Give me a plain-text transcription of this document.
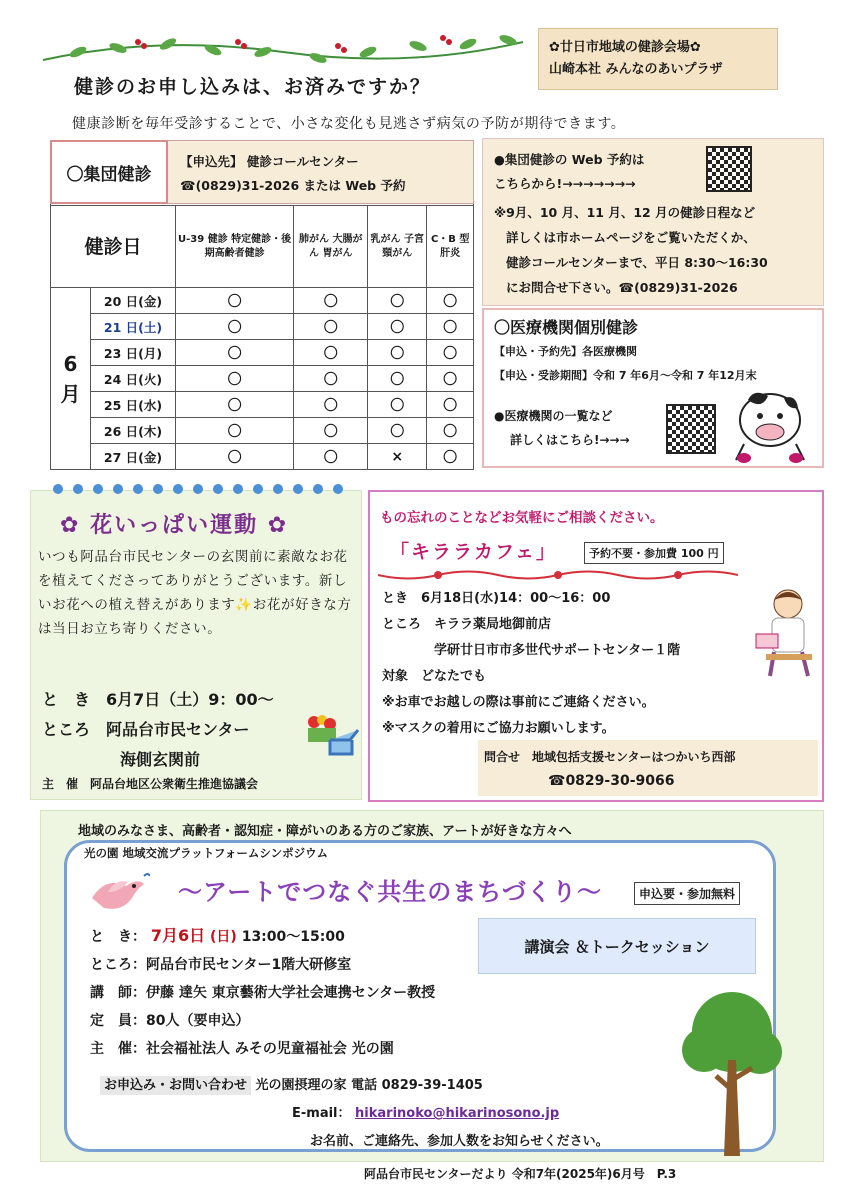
✿廿日市地域の健診会場✿
山崎本社 みんなのあいプラザ
健診のお申し込みは、お済みですか？
健康診断を毎年受診することで、小さな変化も見逃さず病気の予防が期待できます。
〇集団健診
【申込先】 健診コールセンター
☎(0829)31-2026 または Web 予約
健診日		U-39 健診 特定健診・後期高齢者健診	肺がん 大腸がん 胃がん	乳がん 子宮頸がん	C・B 型 肝炎
6 月	20 日(金)	〇	〇	〇	〇
	21 日(土)	〇	〇	〇	〇
	23 日(月)	〇	〇	〇	〇
	24 日(火)	〇	〇	〇	〇
	25 日(水)	〇	〇	〇	〇
	26 日(木)	〇	〇	〇	〇
	27 日(金)	〇	〇	×	〇
●集団健診の Web 予約は
こちらから!→→→→→→→
※9月、10 月、11 月、12 月の健診日程など
詳しくは市ホームページをご覧いただくか、
健診コールセンターまで、平日 8:30～16:30
にお問合せ下さい。☎(0829)31-2026
〇医療機関個別健診
【申込・予約先】各医療機関
【申込・受診期間】令和 7 年6月～令和 7 年12月末
●医療機関の一覧など
詳しくはこちら!→→→
✿ 花いっぱい運動 ✿
いつも阿品台市民センターの玄関前に素敵なお花を植えてくださってありがとうございます。新しいお花への植え替えがあります✨お花が好きな方は当日お立ち寄りください。
と　き　6月7日（土）9：00～
ところ　阿品台市民センター
海側玄関前
主　催　阿品台地区公衆衛生推進協議会
もの忘れのことなどお気軽にご相談ください。
「キララカフェ」	予約不要・参加費 100 円
とき　6月18日(水)14：00～16：00
ところ　キララ薬局地御前店
学研廿日市市多世代サポートセンター１階
対象　どなたでも
※お車でお越しの際は事前にご連絡ください。
※マスクの着用にご協力お願いします。
問合せ　地域包括支援センターはつかいち西部
☎0829-30-9066
地域のみなさま、高齢者・認知症・障がいのある方のご家族、アートが好きな方々へ
光の園 地域交流プラットフォームシンポジウム
～アートでつなぐ共生のまちづくり～	申込要・参加無料
講演会 ＆トークセッション
と　き： 7月6日 (日) 13:00～15:00
ところ：阿品台市民センター1階大研修室
講　師：伊藤 達矢 東京藝術大学社会連携センター教授
定　員：80人（要申込）
主　催：社会福祉法人 みその児童福祉会 光の園
お申込み・お問い合わせ 光の園摂理の家 電話 0829-39-1405
E-mail： hikarinoko@hikarinosono.jp
お名前、ご連絡先、参加人数をお知らせください。
阿品台市民センターだより 令和7年(2025年)6月号　P.3
